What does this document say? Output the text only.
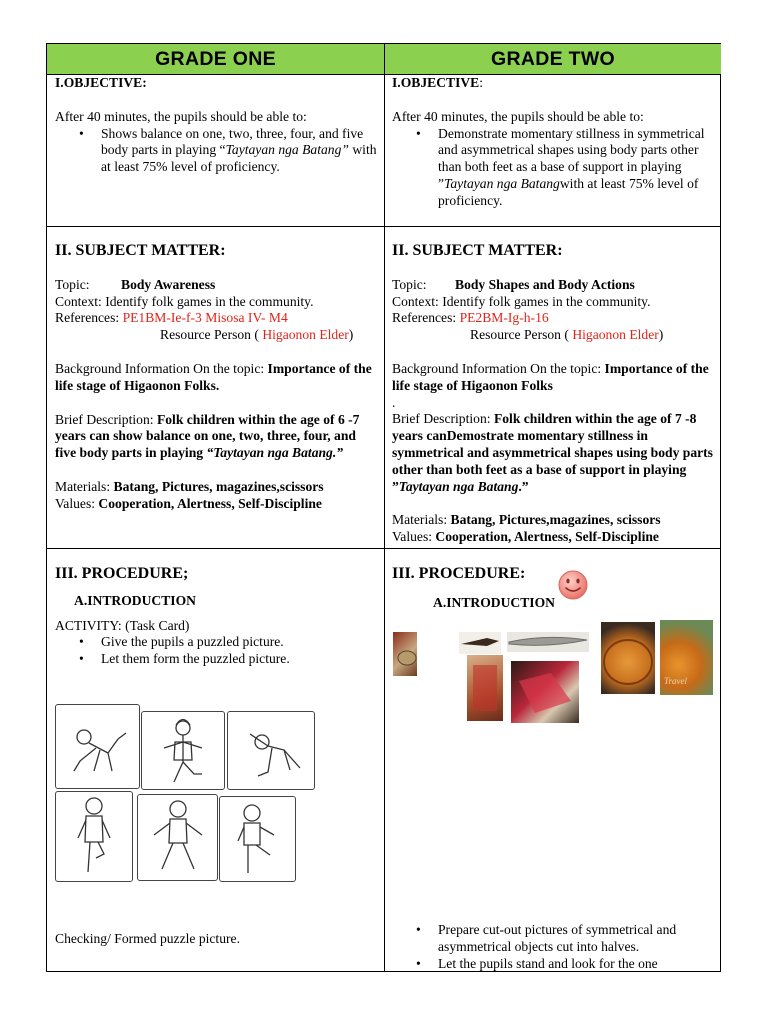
GRADE ONE	GRADE TWO
I.OBJECTIVE:
After 40 minutes, the pupils should be able to:
• Shows balance on one, two, three, four, and five body parts in playing “Taytayan nga Batang” with at least 75% level of proficiency.
II. SUBJECT MATTER:
Topic: Body Awareness
Context: Identify folk games in the community.
References: PE1BM-Ie-f-3 Misosa IV- M4
Resource Person ( Higaonon Elder)
Background Information On the topic: Importance of the life stage of Higaonon Folks.
Brief Description: Folk children within the age of 6 -7 years can show balance on one, two, three, four, and five body parts in playing “Taytayan nga Batang.”
Materials: Batang, Pictures, magazines,scissors
Values: Cooperation, Alertness, Self-Discipline
III. PROCEDURE;
A.INTRODUCTION
ACTIVITY: (Task Card)
• Give the pupils a puzzled picture.
• Let them form the puzzled picture.
Checking/ Formed puzzle picture.
I.OBJECTIVE:
After 40 minutes, the pupils should be able to:
• Demonstrate momentary stillness in symmetrical and asymmetrical shapes using body parts other than both feet as a base of support in playing ”Taytayan nga Batangwith at least 75% level of proficiency.
II. SUBJECT MATTER:
Topic: Body Shapes and Body Actions
Context: Identify folk games in the community.
References: PE2BM-Ig-h-16
Resource Person ( Higaonon Elder)
Background Information On the topic: Importance of the life stage of Higaonon Folks
.
Brief Description: Folk children within the age of 7 -8 years canDemostrate momentary stillness in symmetrical and asymmetrical shapes using body parts other than both feet as a base of support in playing ”Taytayan nga Batang.”
Materials: Batang, Pictures,magazines, scissors
Values: Cooperation, Alertness, Self-Discipline
III. PROCEDURE:
A.INTRODUCTION
Travel
• Prepare cut-out pictures of symmetrical and asymmetrical objects cut into halves.
• Let the pupils stand and look for the one
